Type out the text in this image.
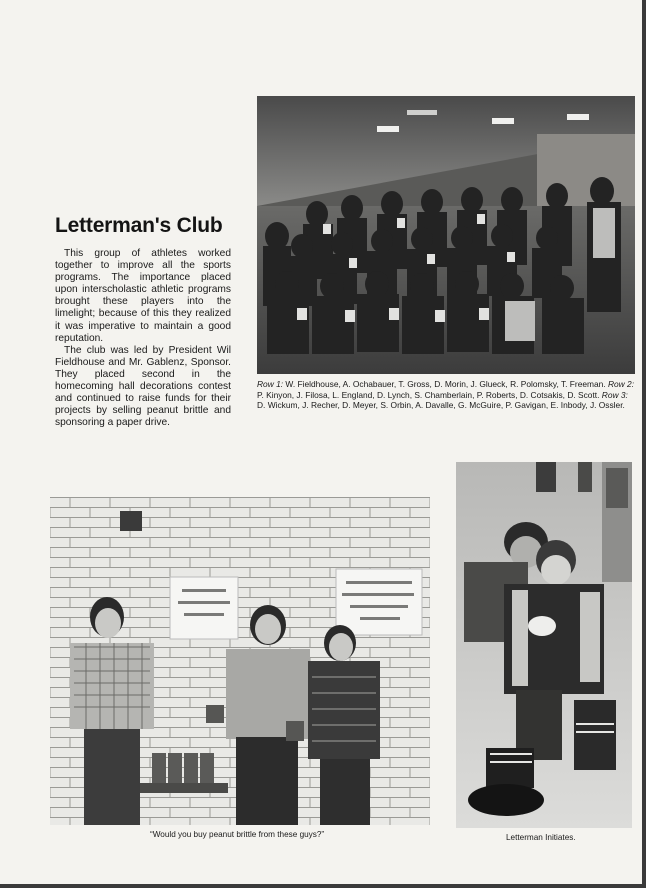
Letterman's Club

This group of athletes worked together to improve all the sports programs. The importance placed upon interscholastic athletic programs brought these players into the limelight; because of this they realized it was imperative to maintain a good reputation.

The club was led by President Wil Fieldhouse and Mr. Gablenz, Sponsor. They placed second in the homecoming hall decorations contest and continued to raise funds for their projects by selling peanut brittle and sponsoring a paper drive.

Row 1: W. Fieldhouse, A. Ochabauer, T. Gross, D. Morin, J. Glueck, R. Polomsky, T. Freeman. Row 2: P. Kinyon, J. Filosa, L. England, D. Lynch, S. Chamberlain, P. Roberts, D. Cotsakis, D. Scott. Row 3: D. Wickum, J. Recher, D. Meyer, S. Orbin, A. Davalle, G. McGuire, P. Gavigan, E. Inbody, J. Ossler.
“Would you buy peanut brittle from these guys?”	Letterman Initiates.
